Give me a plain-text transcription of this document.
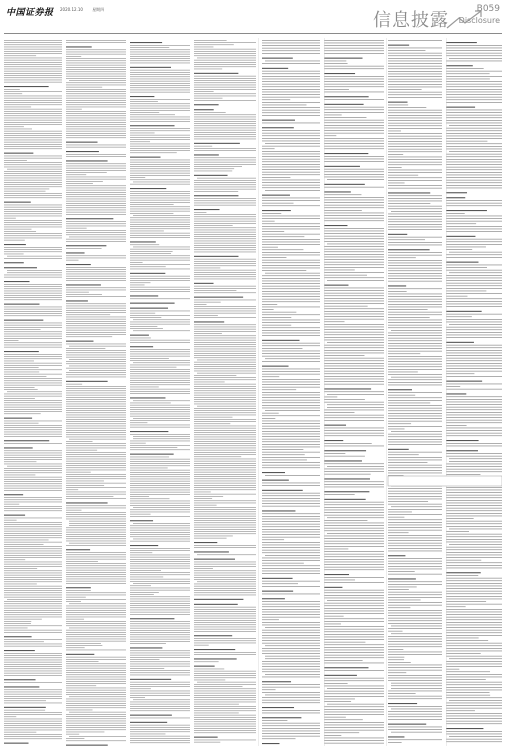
中国证券报 2020.12.10 星期四
信息披露
B059
Disclosure
